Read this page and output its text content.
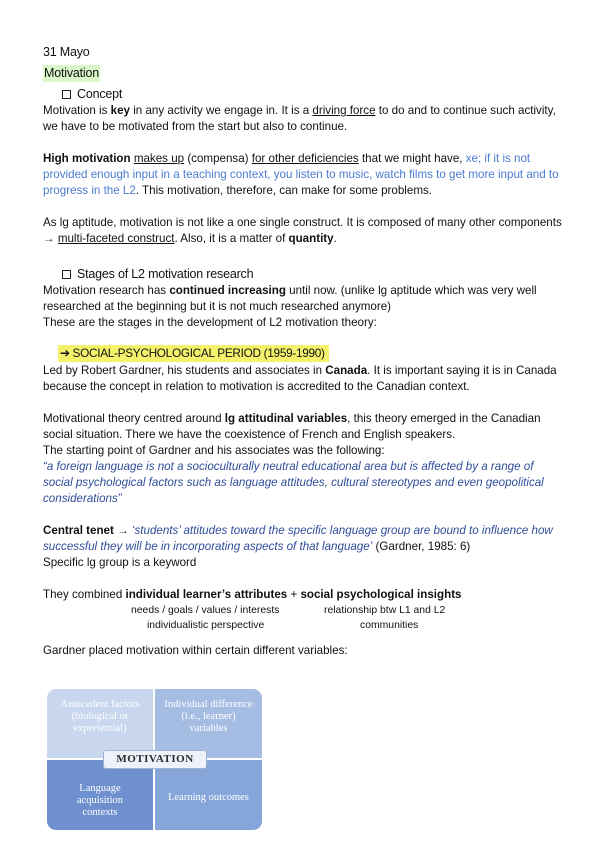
31 Mayo

Motivation

Concept

Motivation is key in any activity we engage in. It is a driving force to do and to continue such activity, we have to be motivated from the start but also to continue.

High motivation makes up (compensa) for other deficiencies that we might have, xe; if it is not provided enough input in a teaching context, you listen to music, watch films to get more input and to progress in the L2. This motivation, therefore, can make for some problems.

As lg aptitude, motivation is not like a one single construct. It is composed of many other components → multi-faceted construct. Also, it is a matter of quantity.

Stages of L2 motivation research

Motivation research has continued increasing until now. (unlike lg aptitude which was very well researched at the beginning but it is not much researched anymore)

These are the stages in the development of L2 motivation theory:

➔ SOCIAL-PSYCHOLOGICAL PERIOD (1959-1990)

Led by Robert Gardner, his students and associates in Canada. It is important saying it is in Canada because the concept in relation to motivation is accredited to the Canadian context.

Motivational theory centred around lg attitudinal variables, this theory emerged in the Canadian social situation. There we have the coexistence of French and English speakers.

The starting point of Gardner and his associates was the following:

“a foreign language is not a socioculturally neutral educational area but is affected by a range of social psychological factors such as language attitudes, cultural stereotypes and even geopolitical considerations”

Central tenet → ‘students’ attitudes toward the specific language group are bound to influence how successful they will be in incorporating aspects of that language’ (Gardner, 1985: 6)

Specific lg group is a keyword

They combined individual learner’s attributes + social psychological insights

needs / goals / values / interests
individualistic perspective
relationship btw L1 and L2
communities

Gardner placed motivation within certain different variables:

Antecedent factors (biological or experiential)
Individual difference (i.e., learner) variables
Language acquisition contexts
Learning outcomes
MOTIVATION
